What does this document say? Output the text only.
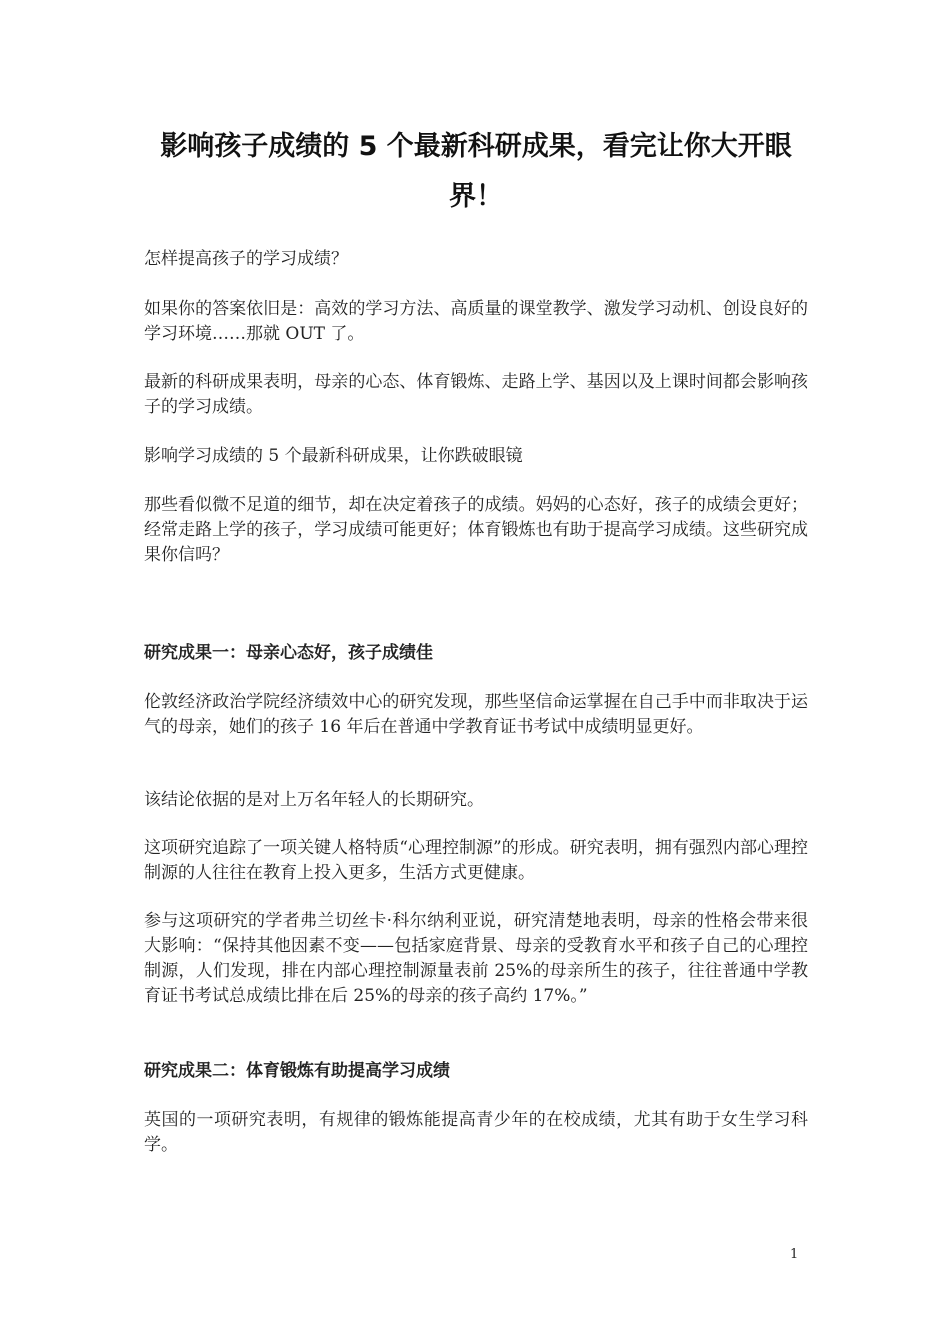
影响孩子成绩的 5 个最新科研成果，看完让你大开眼界！

怎样提高孩子的学习成绩？

如果你的答案依旧是：高效的学习方法、高质量的课堂教学、激发学习动机、创设良好的学习环境……那就 OUT 了。

最新的科研成果表明，母亲的心态、体育锻炼、走路上学、基因以及上课时间都会影响孩子的学习成绩。

影响学习成绩的 5 个最新科研成果，让你跌破眼镜

那些看似微不足道的细节，却在决定着孩子的成绩。妈妈的心态好，孩子的成绩会更好；经常走路上学的孩子，学习成绩可能更好；体育锻炼也有助于提高学习成绩。这些研究成果你信吗？

研究成果一：母亲心态好，孩子成绩佳

伦敦经济政治学院经济绩效中心的研究发现，那些坚信命运掌握在自己手中而非取决于运气的母亲，她们的孩子 16 年后在普通中学教育证书考试中成绩明显更好。

该结论依据的是对上万名年轻人的长期研究。

这项研究追踪了一项关键人格特质“心理控制源”的形成。研究表明，拥有强烈内部心理控制源的人往往在教育上投入更多，生活方式更健康。

参与这项研究的学者弗兰切丝卡·科尔纳利亚说，研究清楚地表明，母亲的性格会带来很大影响：“保持其他因素不变——包括家庭背景、母亲的受教育水平和孩子自己的心理控制源，人们发现，排在内部心理控制源量表前 25%的母亲所生的孩子，往往普通中学教育证书考试总成绩比排在后 25%的母亲的孩子高约 17%。”

研究成果二：体育锻炼有助提高学习成绩

英国的一项研究表明，有规律的锻炼能提高青少年的在校成绩，尤其有助于女生学习科学。

1
